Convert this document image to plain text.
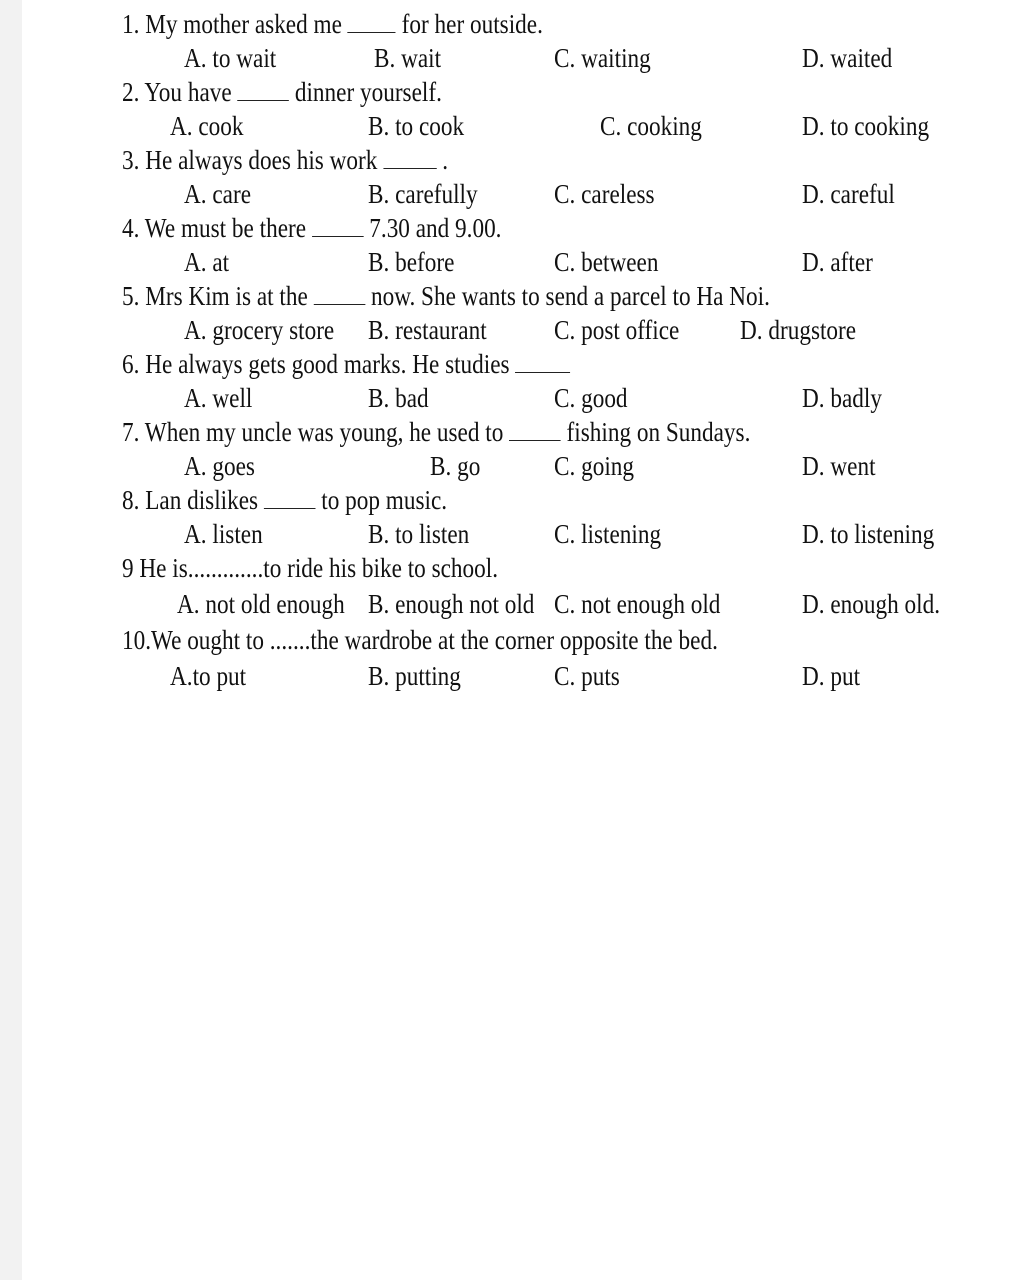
1. My mother asked me  for her outside.
A. to wait	B. wait	C. waiting	D. waited
2. You have  dinner yourself.
A. cook	B. to cook	C. cooking	D. to cooking
3. He always does his work  .
A. care	B. carefully	C. careless	D. careful
4. We must be there  7.30 and 9.00.
A. at	B. before	C. between	D. after
5. Mrs Kim is at the  now. She wants to send a parcel to Ha Noi.
A. grocery store B. restaurant C. post office D. drugstore
6. He always gets good marks. He studies
A. well	B. bad	C. good	D. badly
7. When my uncle was young, he used to  fishing on Sundays.
A. goes	B. go	C. going	D. went
8. Lan dislikes  to pop music.
A. listen	B. to listen	C. listening	D. to listening
9 He is.............to ride his bike to school.
A. not old enough B. enough not old C. not enough old	D. enough old.
10.We ought to .......the wardrobe at the corner opposite the bed.
A.to put	B. putting	C. puts	D. put
